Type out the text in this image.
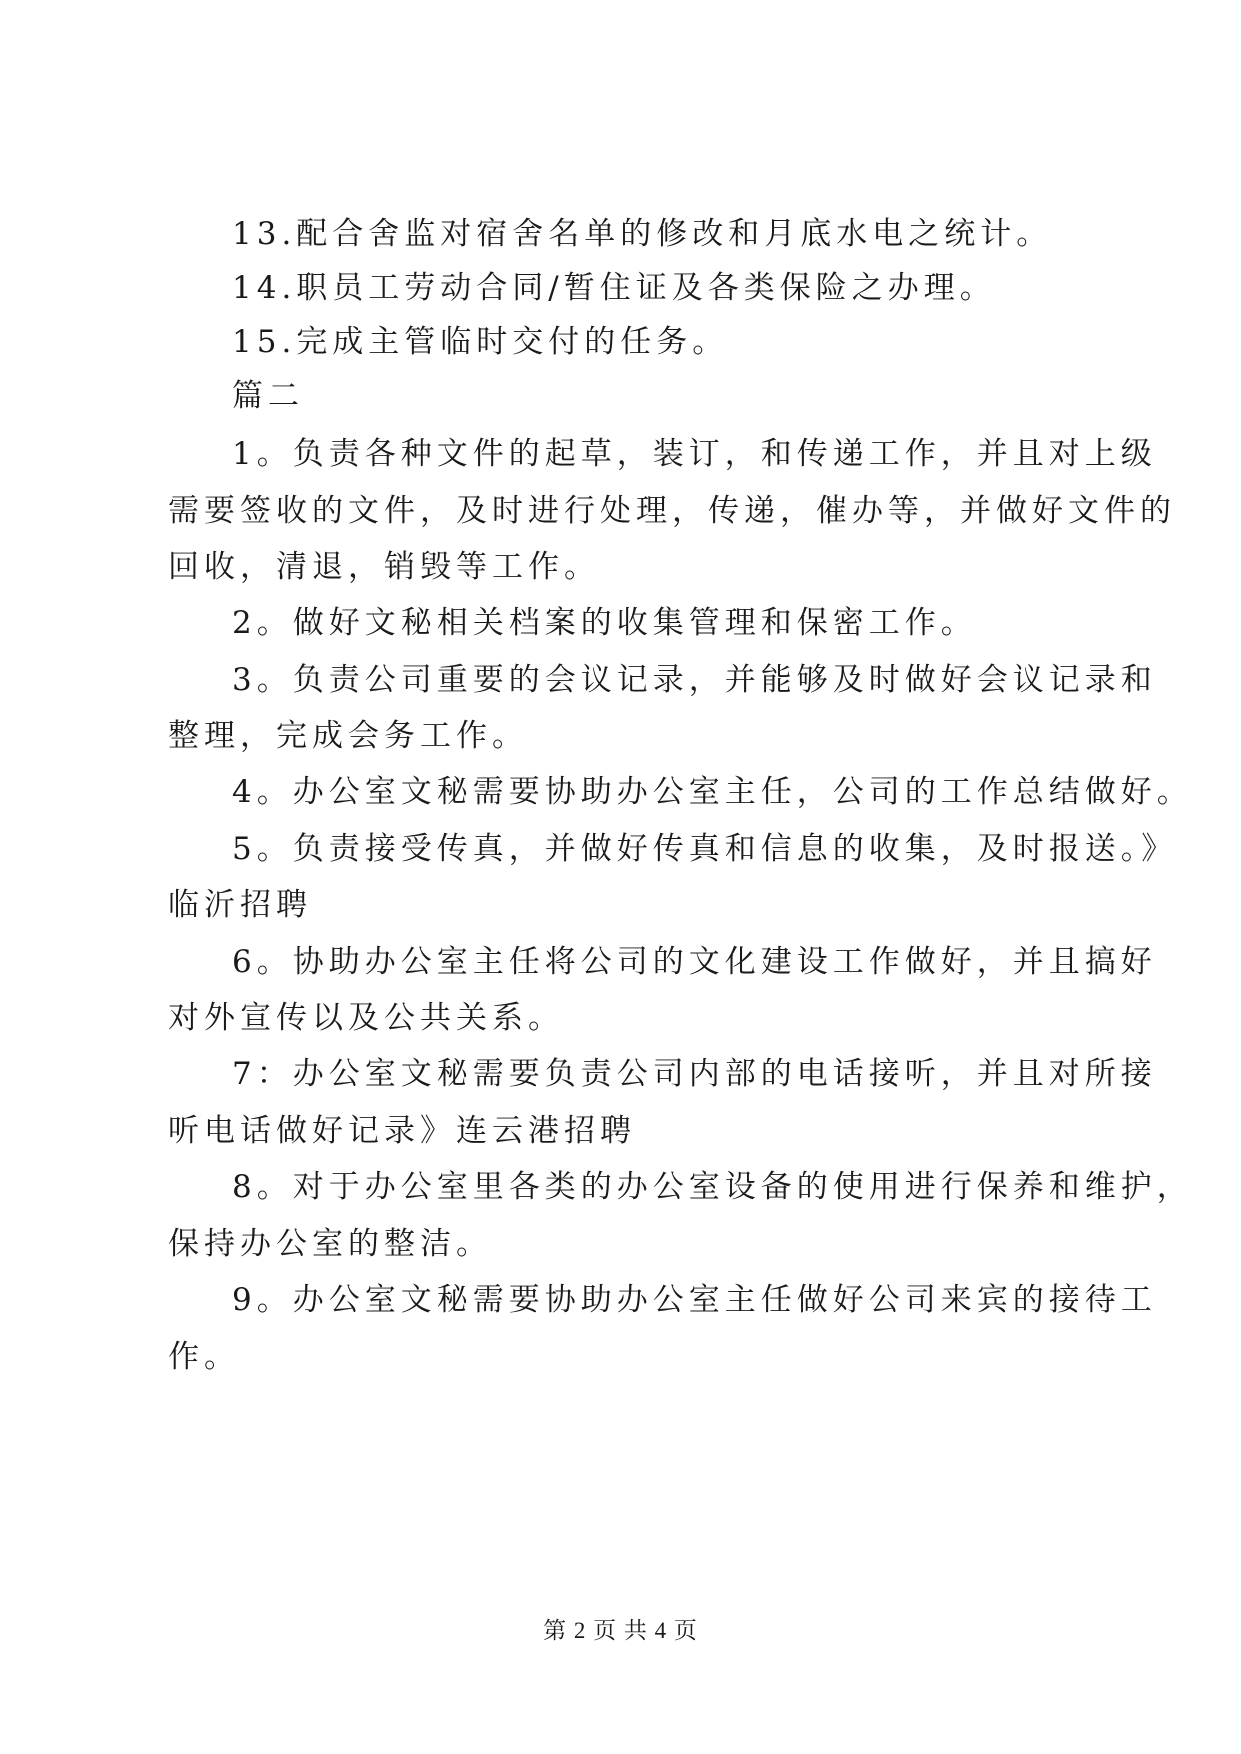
13.配合舍监对宿舍名单的修改和月底水电之统计。
14.职员工劳动合同/暂住证及各类保险之办理。
15.完成主管临时交付的任务。
篇二
1。负责各种文件的起草，装订，和传递工作，并且对上级
需要签收的文件，及时进行处理，传递，催办等，并做好文件的
回收，清退，销毁等工作。
2。做好文秘相关档案的收集管理和保密工作。
3。负责公司重要的会议记录，并能够及时做好会议记录和
整理，完成会务工作。
4。办公室文秘需要协助办公室主任，公司的工作总结做好。
5。负责接受传真，并做好传真和信息的收集，及时报送。》
临沂招聘
6。协助办公室主任将公司的文化建设工作做好，并且搞好
对外宣传以及公共关系。
7：办公室文秘需要负责公司内部的电话接听，并且对所接
听电话做好记录》连云港招聘
8。对于办公室里各类的办公室设备的使用进行保养和维护，
保持办公室的整洁。
9。办公室文秘需要协助办公室主任做好公司来宾的接待工
作。
第 2 页 共 4 页
